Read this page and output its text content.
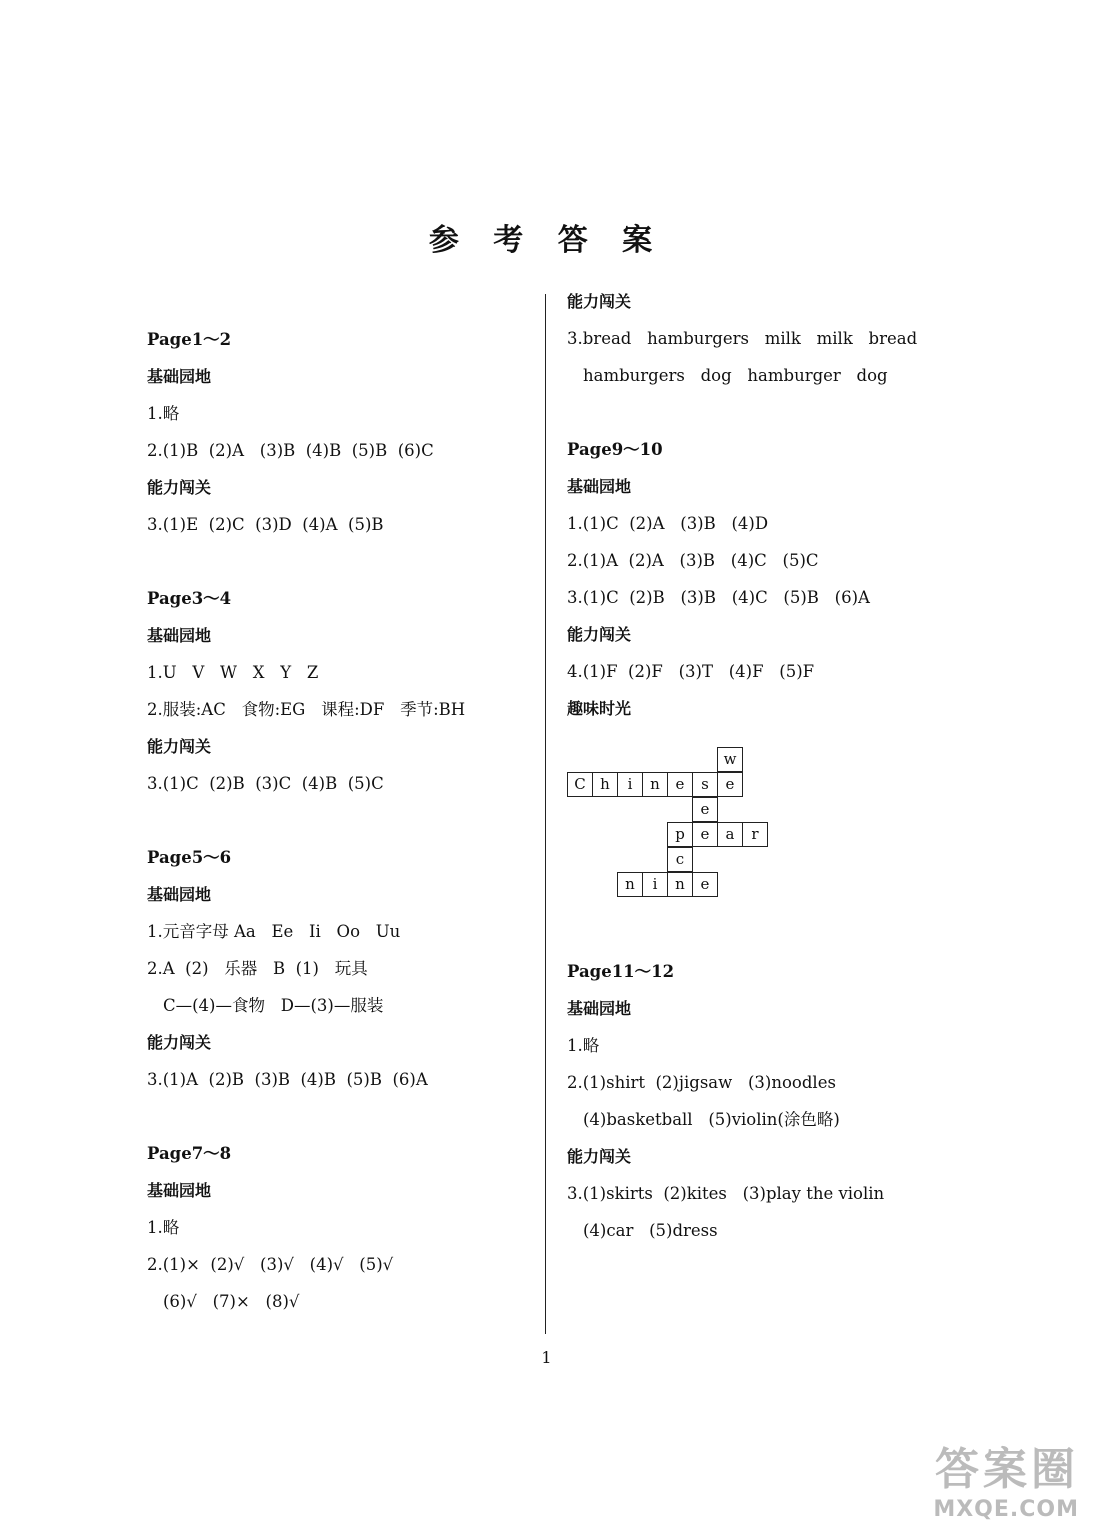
参 考 答 案
Page1～2
基础园地
1.略
2.(1)B  (2)A   (3)B  (4)B  (5)B  (6)C
能力闯关
3.(1)E  (2)C  (3)D  (4)A  (5)B
Page3～4
基础园地
1.U   V   W   X   Y   Z
2.服装:AC   食物:EG   课程:DF   季节:BH
能力闯关
3.(1)C  (2)B  (3)C  (4)B  (5)C
Page5～6
基础园地
1.元音字母 Aa   Ee   Ii   Oo   Uu
2.A  (2)   乐器   B  (1)   玩具
C—(4)—食物   D—(3)—服装
能力闯关
3.(1)A  (2)B  (3)B  (4)B  (5)B  (6)A
Page7～8
基础园地
1.略
2.(1)×  (2)√   (3)√   (4)√   (5)√
(6)√   (7)×   (8)√
能力闯关
3.bread   hamburgers   milk   milk   bread
hamburgers   dog   hamburger   dog
Page9～10
基础园地
1.(1)C  (2)A   (3)B   (4)D
2.(1)A  (2)A   (3)B   (4)C   (5)C
3.(1)C  (2)B   (3)B   (4)C   (5)B   (6)A
能力闯关
4.(1)F  (2)F   (3)T   (4)F   (5)F
趣味时光
w
e
C h	i	n	e	s
e
p	e	a	r
c
n	i	n	e
Page11～12
基础园地
1.略
2.(1)shirt  (2)jigsaw   (3)noodles
(4)basketball   (5)violin(涂色略)
能力闯关
3.(1)skirts  (2)kites   (3)play the violin
(4)car   (5)dress
1
答案圈
MXQE.COM
